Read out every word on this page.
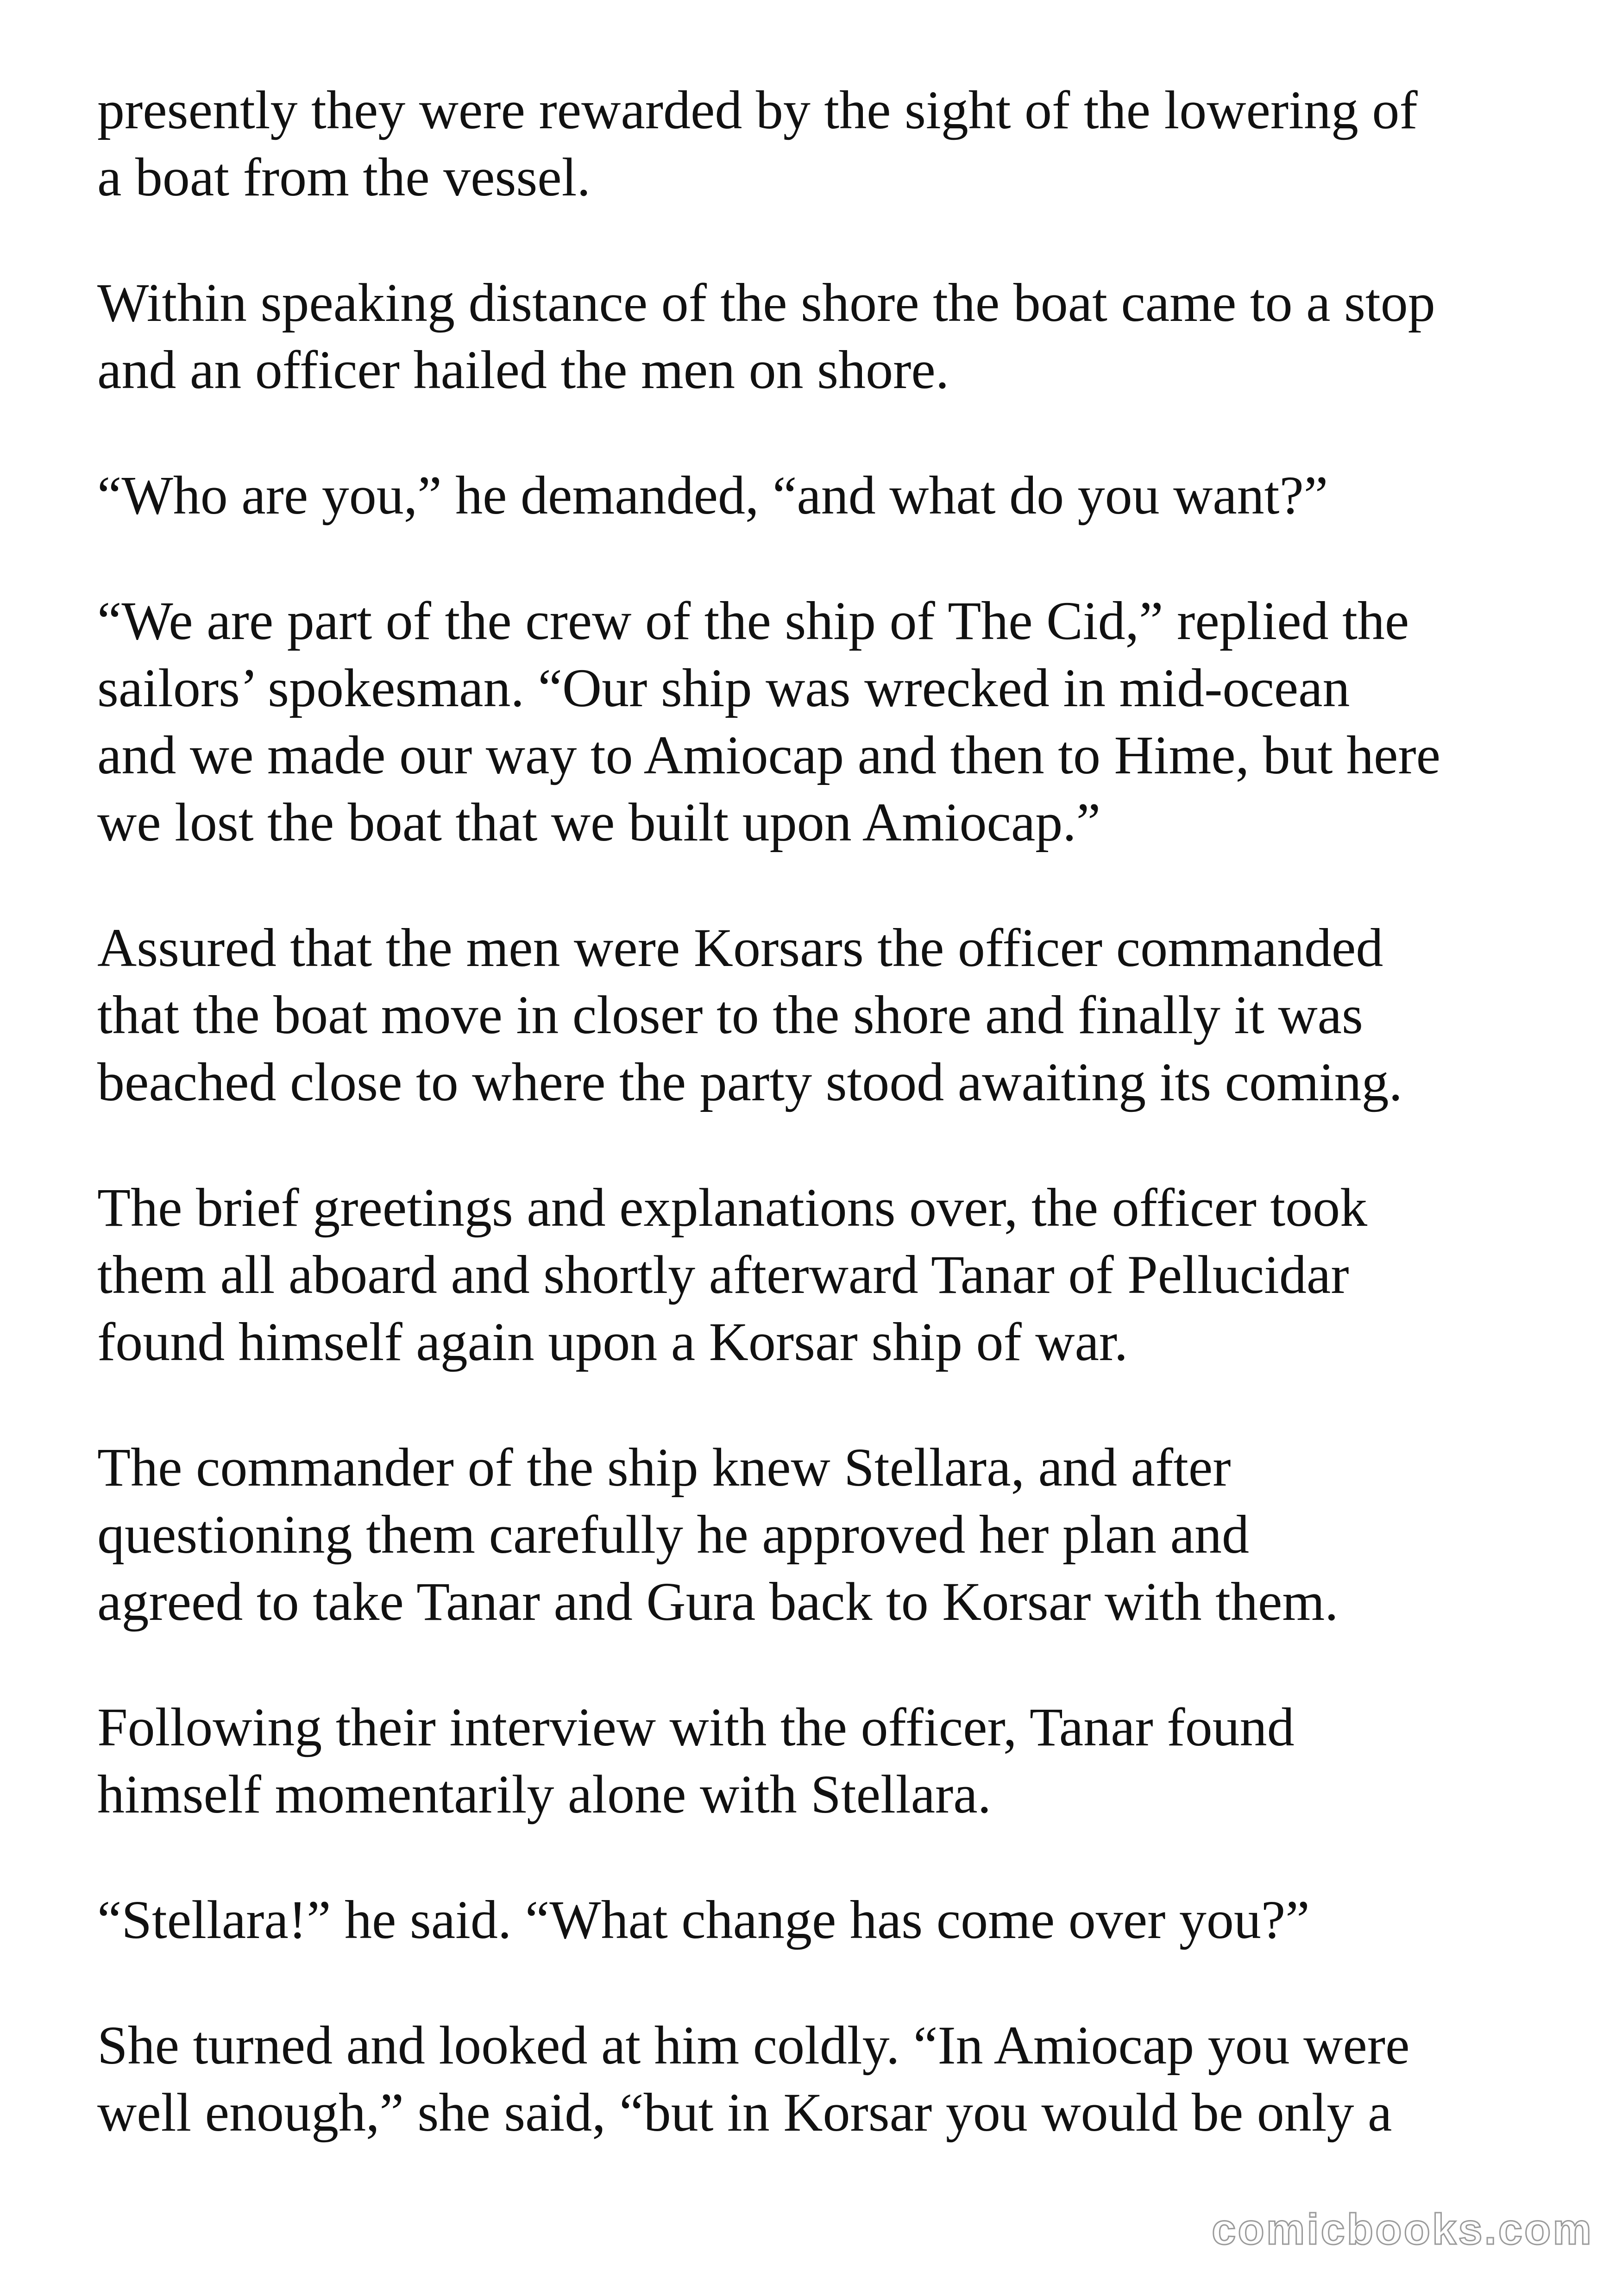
presently they were rewarded by the sight of the lowering of
a boat from the vessel.

Within speaking distance of the shore the boat came to a stop
and an officer hailed the men on shore.

“Who are you,” he demanded, “and what do you want?”

“We are part of the crew of the ship of The Cid,” replied the
sailors’ spokesman. “Our ship was wrecked in mid-ocean
and we made our way to Amiocap and then to Hime, but here
we lost the boat that we built upon Amiocap.”

Assured that the men were Korsars the officer commanded
that the boat move in closer to the shore and finally it was
beached close to where the party stood awaiting its coming.

The brief greetings and explanations over, the officer took
them all aboard and shortly afterward Tanar of Pellucidar
found himself again upon a Korsar ship of war.

The commander of the ship knew Stellara, and after
questioning them carefully he approved her plan and
agreed to take Tanar and Gura back to Korsar with them.

Following their interview with the officer, Tanar found
himself momentarily alone with Stellara.

“Stellara!” he said. “What change has come over you?”

She turned and looked at him coldly. “In Amiocap you were
well enough,” she said, “but in Korsar you would be only a

comicbooks.com
